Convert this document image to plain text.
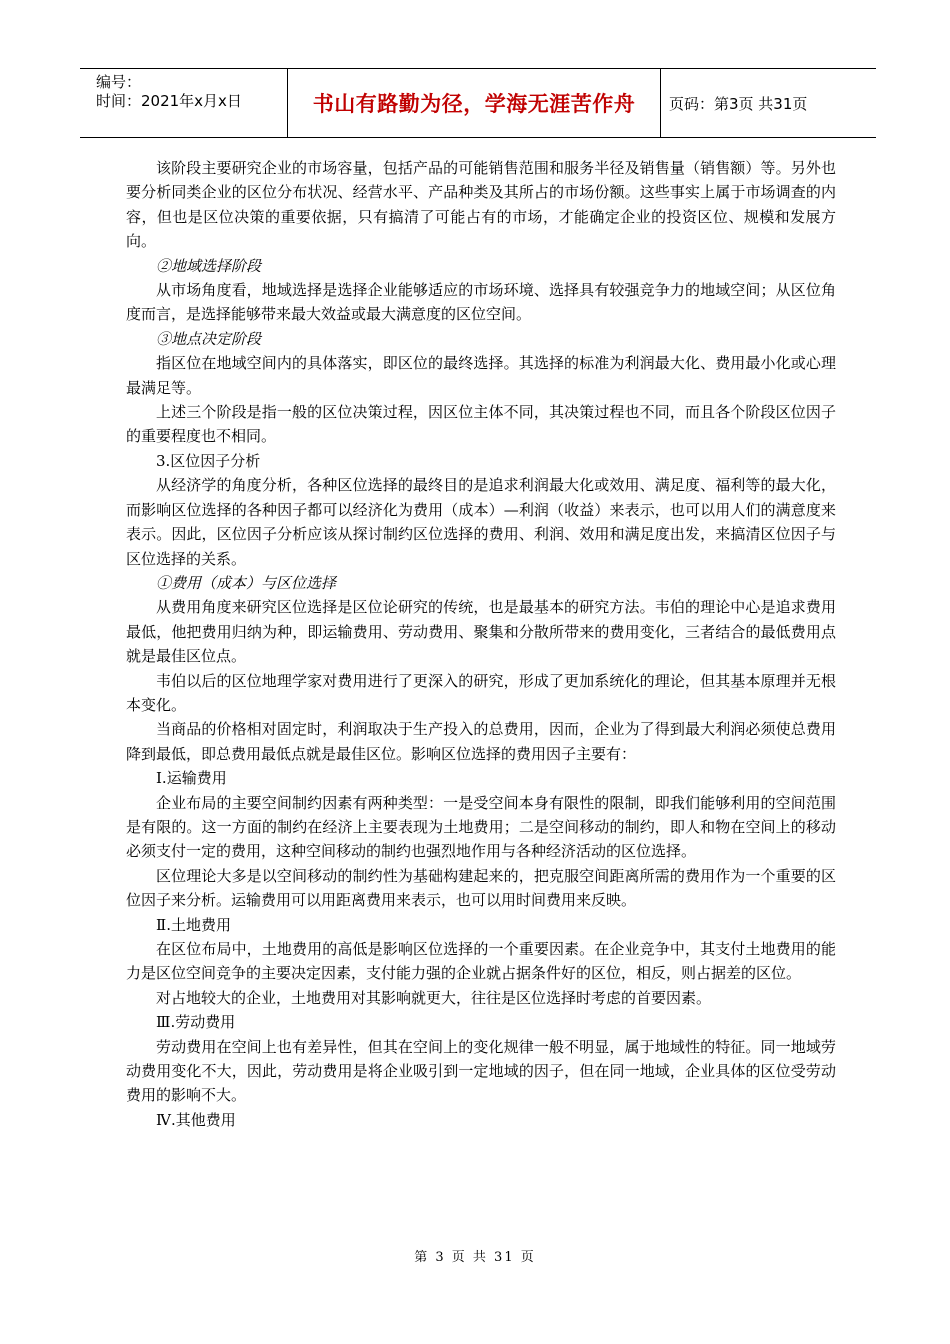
编号：
时间：2021年x月x日	书山有路勤为径，学海无涯苦作舟	页码：第3页 共31页

该阶段主要研究企业的市场容量，包括产品的可能销售范围和服务半径及销售量（销售额）等。另外也要分析同类企业的区位分布状况、经营水平、产品种类及其所占的市场份额。这些事实上属于市场调查的内容，但也是区位决策的重要依据，只有搞清了可能占有的市场，才能确定企业的投资区位、规模和发展方向。

②地域选择阶段

从市场角度看，地域选择是选择企业能够适应的市场环境、选择具有较强竞争力的地域空间；从区位角度而言，是选择能够带来最大效益或最大满意度的区位空间。

③地点决定阶段

指区位在地域空间内的具体落实，即区位的最终选择。其选择的标准为利润最大化、费用最小化或心理最满足等。

上述三个阶段是指一般的区位决策过程，因区位主体不同，其决策过程也不同，而且各个阶段区位因子的重要程度也不相同。

3.区位因子分析

从经济学的角度分析，各种区位选择的最终目的是追求利润最大化或效用、满足度、福利等的最大化，而影响区位选择的各种因子都可以经济化为费用（成本）—利润（收益）来表示，也可以用人们的满意度来表示。因此，区位因子分析应该从探讨制约区位选择的费用、利润、效用和满足度出发，来搞清区位因子与区位选择的关系。

①费用（成本）与区位选择

从费用角度来研究区位选择是区位论研究的传统，也是最基本的研究方法。韦伯的理论中心是追求费用最低，他把费用归纳为种，即运输费用、劳动费用、聚集和分散所带来的费用变化，三者结合的最低费用点就是最佳区位点。

韦伯以后的区位地理学家对费用进行了更深入的研究，形成了更加系统化的理论，但其基本原理并无根本变化。

当商品的价格相对固定时，利润取决于生产投入的总费用，因而，企业为了得到最大利润必须使总费用降到最低，即总费用最低点就是最佳区位。影响区位选择的费用因子主要有：

Ⅰ.运输费用

企业布局的主要空间制约因素有两种类型：一是受空间本身有限性的限制，即我们能够利用的空间范围是有限的。这一方面的制约在经济上主要表现为土地费用；二是空间移动的制约，即人和物在空间上的移动必须支付一定的费用，这种空间移动的制约也强烈地作用与各种经济活动的区位选择。

区位理论大多是以空间移动的制约性为基础构建起来的，把克服空间距离所需的费用作为一个重要的区位因子来分析。运输费用可以用距离费用来表示，也可以用时间费用来反映。

Ⅱ.土地费用

在区位布局中，土地费用的高低是影响区位选择的一个重要因素。在企业竞争中，其支付土地费用的能力是区位空间竞争的主要决定因素，支付能力强的企业就占据条件好的区位，相反，则占据差的区位。

对占地较大的企业，土地费用对其影响就更大，往往是区位选择时考虑的首要因素。

Ⅲ.劳动费用

劳动费用在空间上也有差异性，但其在空间上的变化规律一般不明显，属于地域性的特征。同一地域劳动费用变化不大，因此，劳动费用是将企业吸引到一定地域的因子，但在同一地域，企业具体的区位受劳动费用的影响不大。

Ⅳ.其他费用

第 3 页 共 31 页
